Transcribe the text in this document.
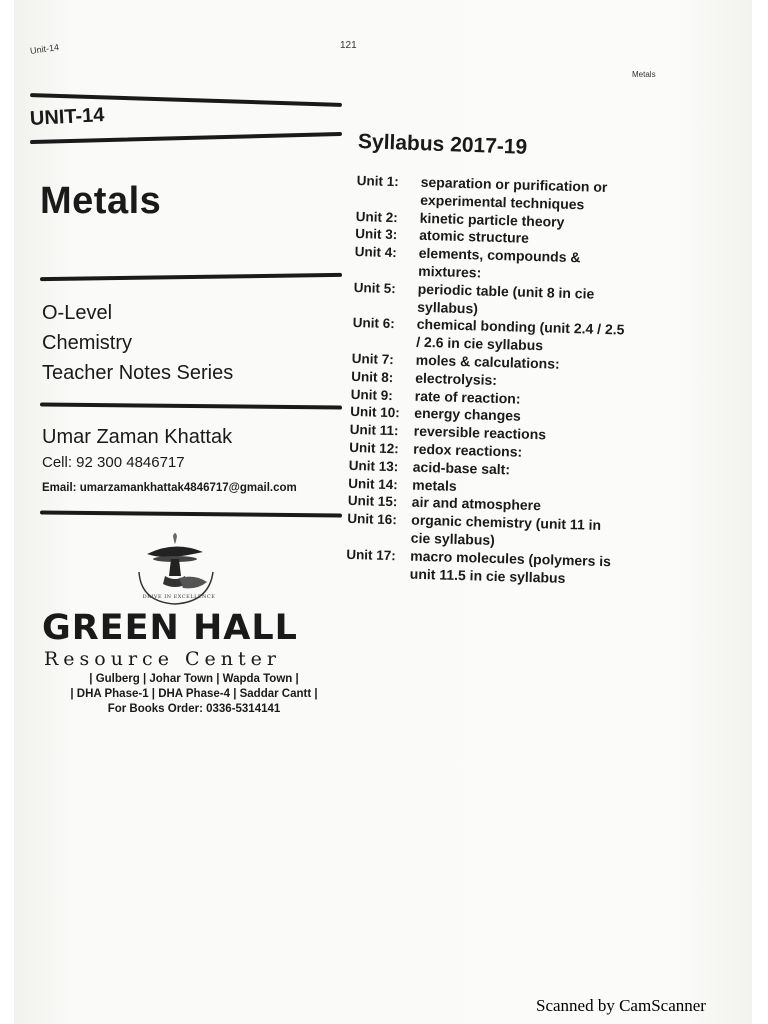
Unit-14	121
Metals
UNIT-14
Metals
O-Level
Chemistry
Teacher Notes Series
Umar Zaman Khattak
Cell: 92 300 4846717
Email: umarzamankhattak4846717@gmail.com
DRIVE IN EXCELLENCE
GREEN HALL
Resource Center
| Gulberg | Johar Town | Wapda Town |
| DHA Phase-1 | DHA Phase-4 | Saddar Cantt |
For Books Order: 0336-5314141
Syllabus 2017-19
Unit 1:	separation or purification or
experimental techniques
Unit 2:	kinetic particle theory
Unit 3:	atomic structure
Unit 4:	elements, compounds &
mixtures:
Unit 5:	periodic table (unit 8 in cie
syllabus)
Unit 6:	chemical bonding (unit 2.4 / 2.5
/ 2.6 in cie syllabus
Unit 7:	moles & calculations:
Unit 8:	electrolysis:
Unit 9:	rate of reaction:
Unit 10:	energy changes
Unit 11:	reversible reactions
Unit 12:	redox reactions:
Unit 13:	acid-base salt:
Unit 14:	metals
Unit 15:	air and atmosphere
Unit 16:	organic chemistry (unit 11 in
cie syllabus)
Unit 17:	macro molecules (polymers is
unit 11.5 in cie syllabus
Scanned by CamScanner
